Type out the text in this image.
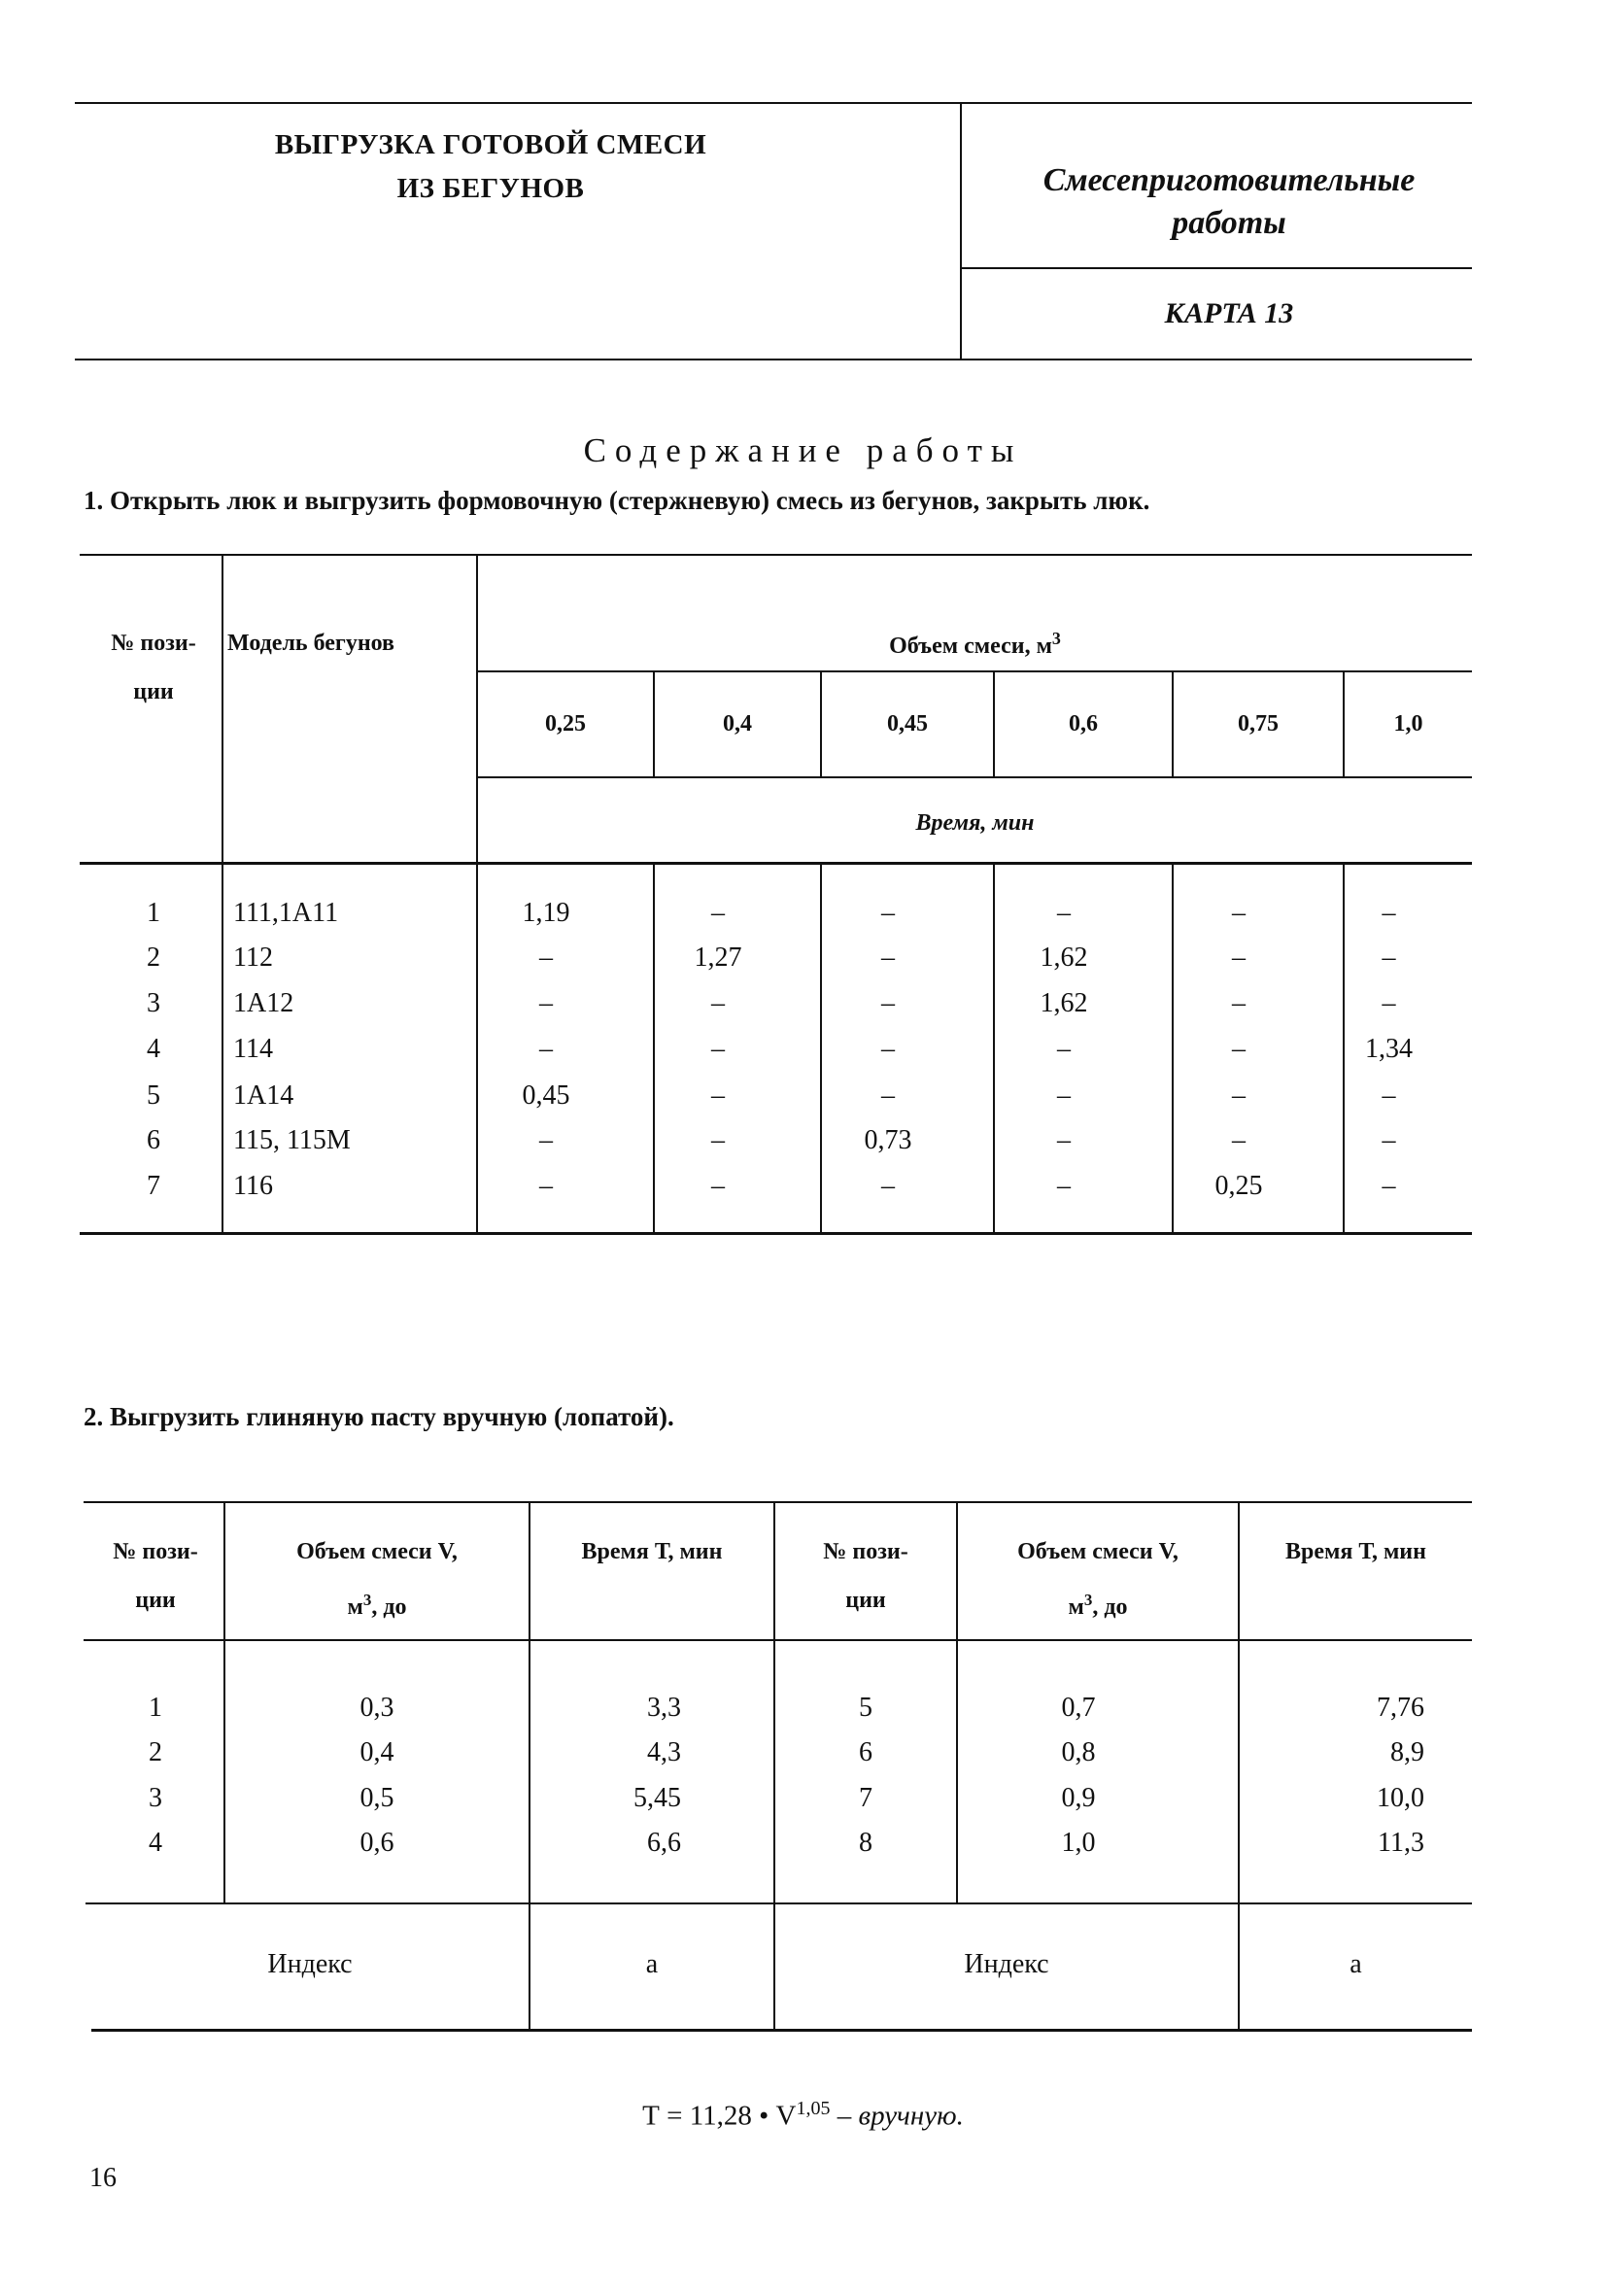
ВЫГРУЗКА ГОТОВОЙ СМЕСИ
ИЗ БЕГУНОВ	Смесеприготовительные
работы
КАРТА 13
Содержание работы
1. Открыть люк и выгрузить формовочную (стержневую) смесь из бегунов, закрыть люк.
№ пози-
ции
Модель бегунов	Объем смеси, $м^3$
0,25	0,4	0,45	0,6	0,75	1,0
Время, мин
1	111,1А11	1,19	–	–	–	–	–
2	112	–	1,27	–	1,62	–	–
3	1А12	–	–	–	1,62	–	–
4	114	–	–	–	–	–	1,34
5	1А14	0,45	–	–	–	–	–
6	115, 115М	–	–	0,73	–	–	–
7	116	–	–	–	–	0,25	–
2. Выгрузить глиняную пасту вручную (лопатой).
№ пози-
ции
Объем смеси V,
$м^3$, до
Время Т, мин	№ пози-
ции
Объем смеси V,
$м^3$, до
Время Т, мин
1	0,3	3,3	5	0,7	7,76
2	0,4	4,3	6	0,8	8,9
3	0,5	5,45	7	0,9	10,0
4	0,6	6,6	8	1,0	11,3
Индекс	а	Индекс	а
Т = 11,28 • V$^{1,05}$ – вручную.
16
